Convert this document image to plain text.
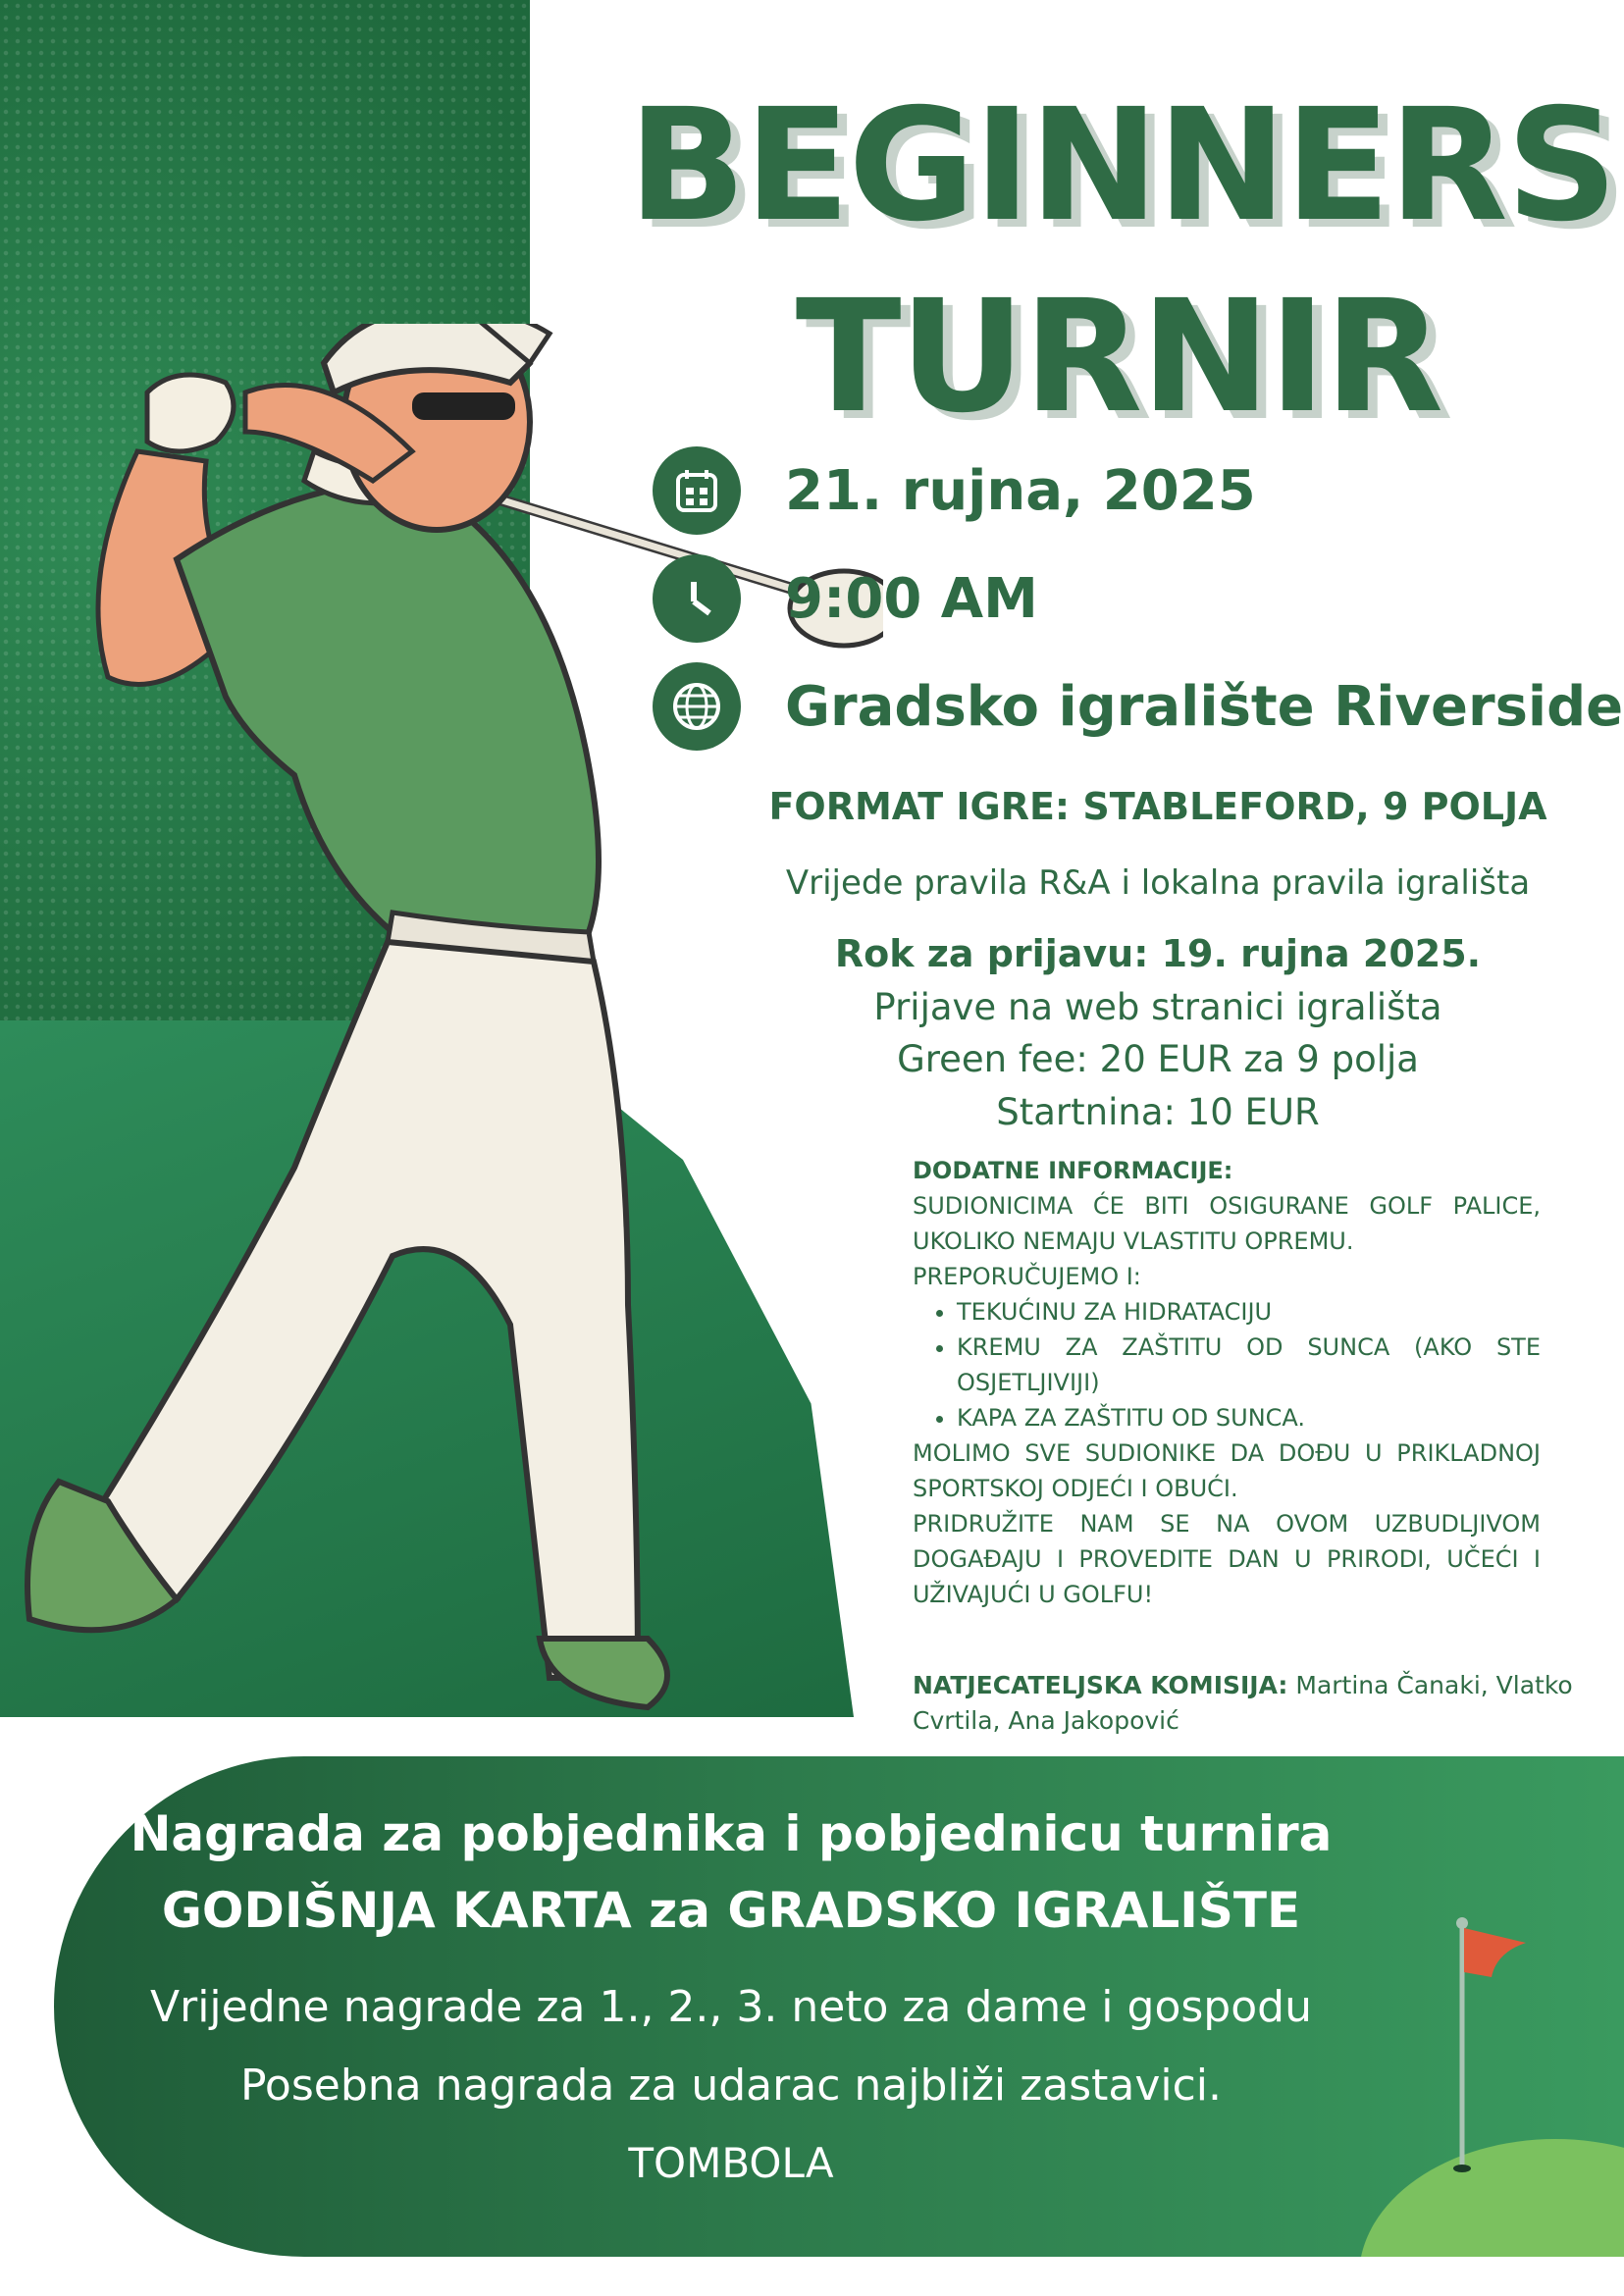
BEGINNERS
TURNIR
21. rujna, 2025
9:00 AM
Gradsko igralište Riverside
FORMAT IGRE: STABLEFORD, 9 POLJA
Vrijede pravila R&A i lokalna pravila igrališta
Rok za prijavu: 19. rujna 2025.
Prijave na web stranici igrališta
Green fee: 20 EUR za 9 polja
Startnina: 10 EUR
DODATNE INFORMACIJE:
SUDIONICIMA ĆE BITI OSIGURANE GOLF PALICE, UKOLIKO NEMAJU VLASTITU OPREMU.
PREPORUČUJEMO I:
• TEKUĆINU ZA HIDRATACIJU
• KREMU ZA ZAŠTITU OD SUNCA (AKO STE OSJETLJIVIJI)
• KAPA ZA ZAŠTITU OD SUNCA.
MOLIMO SVE SUDIONIKE DA DOĐU U PRIKLADNOJ SPORTSKOJ ODJEĆI I OBUĆI.
PRIDRUŽITE NAM SE NA OVOM UZBUDLJIVOM DOGAĐAJU I PROVEDITE DAN U PRIRODI, UČEĆI I UŽIVAJUĆI U GOLFU!
NATJECATELJSKA KOMISIJA: Martina Čanaki, Vlatko Cvrtila, Ana Jakopović
Nagrada za pobjednika i pobjednicu turnira
GODIŠNJA KARTA za GRADSKO IGRALIŠTE
Vrijedne nagrade za 1., 2., 3. neto za dame i gospodu
Posebna nagrada za udarac najbliži zastavici.
TOMBOLA
